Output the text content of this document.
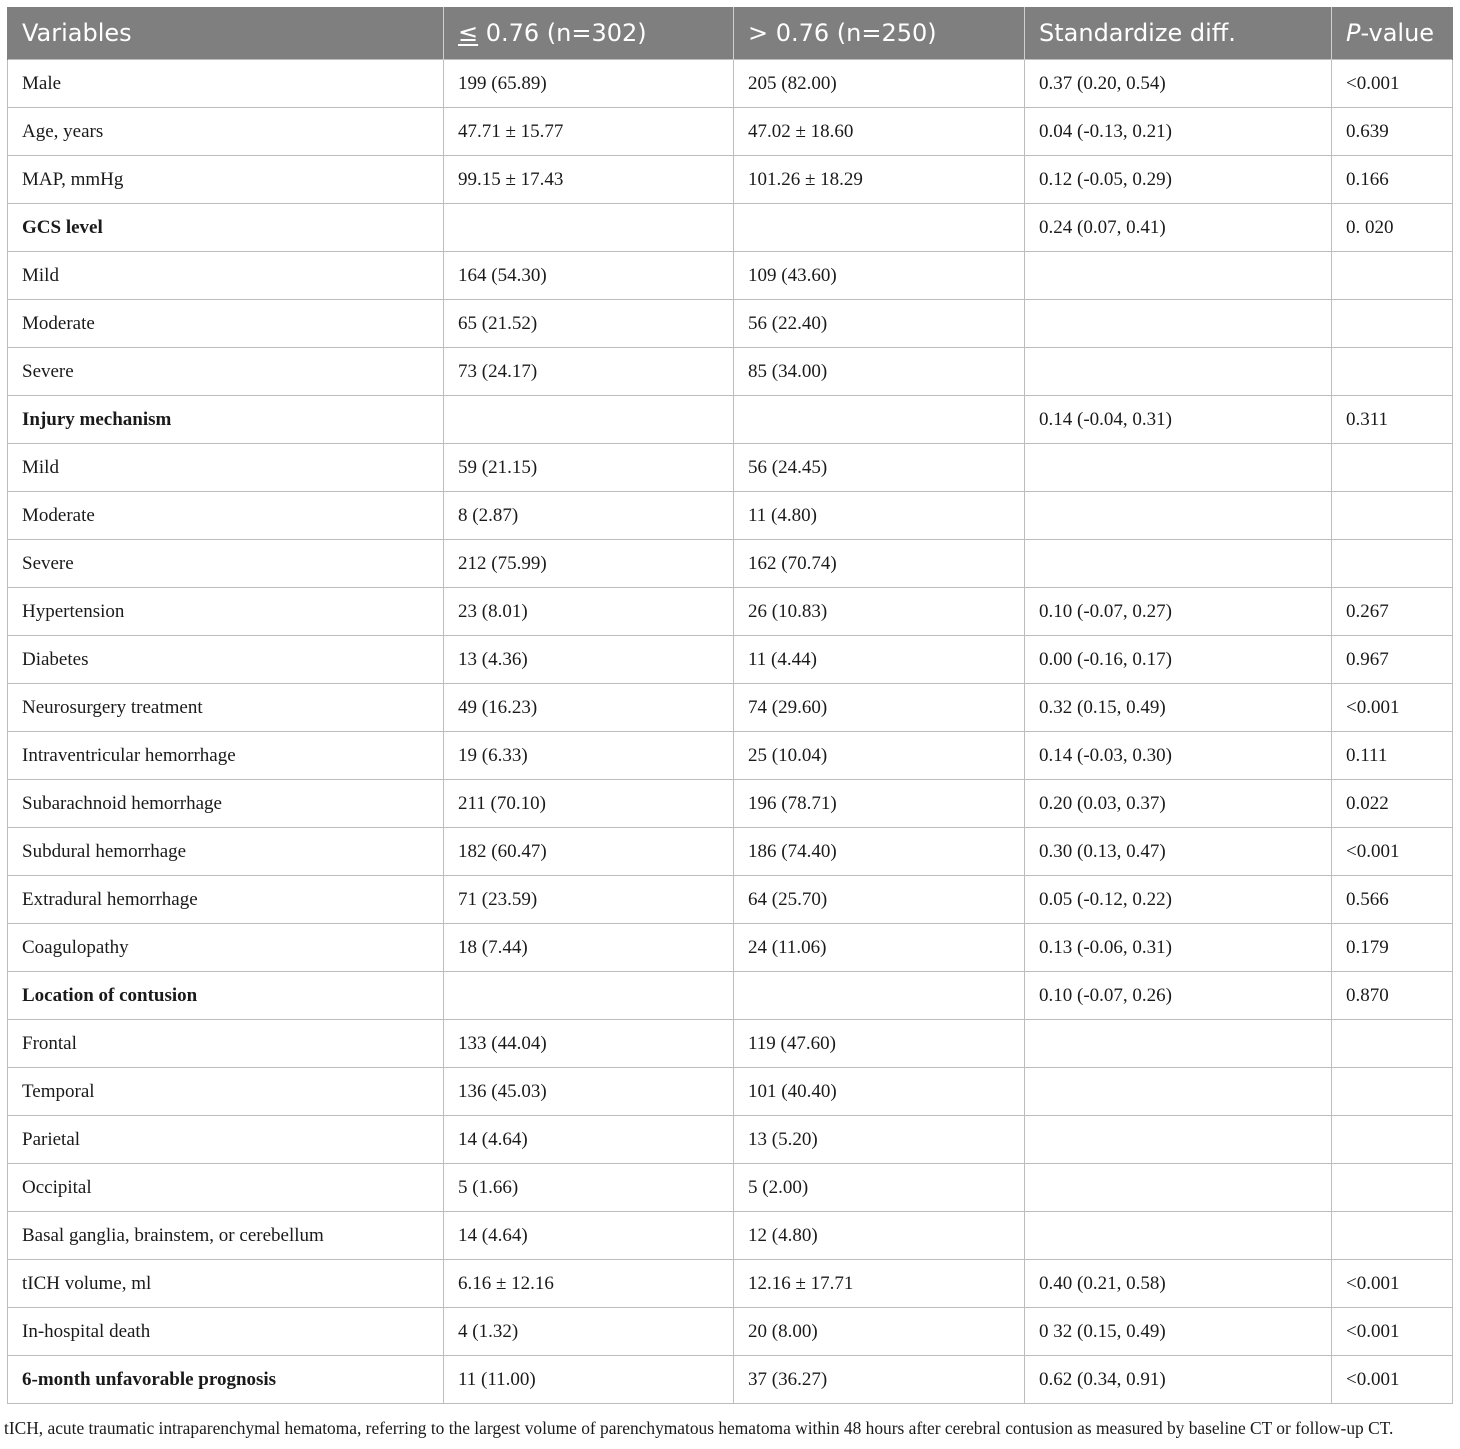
Variables	≤ 0.76 (n=302)	> 0.76 (n=250)	Standardize diff.	P-value
Male	199 (65.89)	205 (82.00)	0.37 (0.20, 0.54)	<0.001
Age, years	47.71 ± 15.77	47.02 ± 18.60	0.04 (-0.13, 0.21)	0.639
MAP, mmHg	99.15 ± 17.43	101.26 ± 18.29	0.12 (-0.05, 0.29)	0.166
GCS level			0.24 (0.07, 0.41)	0. 020
Mild	164 (54.30)	109 (43.60)		
Moderate	65 (21.52)	56 (22.40)		
Severe	73 (24.17)	85 (34.00)		
Injury mechanism			0.14 (-0.04, 0.31)	0.311
Mild	59 (21.15)	56 (24.45)		
Moderate	8 (2.87)	11 (4.80)		
Severe	212 (75.99)	162 (70.74)		
Hypertension	23 (8.01)	26 (10.83)	0.10 (-0.07, 0.27)	0.267
Diabetes	13 (4.36)	11 (4.44)	0.00 (-0.16, 0.17)	0.967
Neurosurgery treatment	49 (16.23)	74 (29.60)	0.32 (0.15, 0.49)	<0.001
Intraventricular hemorrhage	19 (6.33)	25 (10.04)	0.14 (-0.03, 0.30)	0.111
Subarachnoid hemorrhage	211 (70.10)	196 (78.71)	0.20 (0.03, 0.37)	0.022
Subdural hemorrhage	182 (60.47)	186 (74.40)	0.30 (0.13, 0.47)	<0.001
Extradural hemorrhage	71 (23.59)	64 (25.70)	0.05 (-0.12, 0.22)	0.566
Coagulopathy	18 (7.44)	24 (11.06)	0.13 (-0.06, 0.31)	0.179
Location of contusion			0.10 (-0.07, 0.26)	0.870
Frontal	133 (44.04)	119 (47.60)		
Temporal	136 (45.03)	101 (40.40)		
Parietal	14 (4.64)	13 (5.20)		
Occipital	5 (1.66)	5 (2.00)		
Basal ganglia, brainstem, or cerebellum	14 (4.64)	12 (4.80)		
tICH volume, ml	6.16 ± 12.16	12.16 ± 17.71	0.40 (0.21, 0.58)	<0.001
In-hospital death	4 (1.32)	20 (8.00)	0 32 (0.15, 0.49)	<0.001
6-month unfavorable prognosis	11 (11.00)	37 (36.27)	0.62 (0.34, 0.91)	<0.001
tICH, acute traumatic intraparenchymal hematoma, referring to the largest volume of parenchymatous hematoma within 48 hours after cerebral contusion as measured by baseline CT or follow-up CT.
